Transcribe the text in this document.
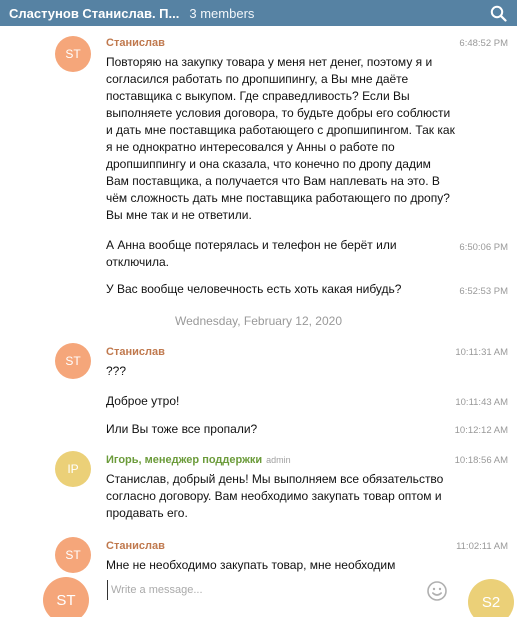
Сластунов Станислав. П... 3 members
ST
Станислав	6:48:52 PM
Повторяю на закупку товара у меня нет денег, поэтому я и согласился работать по дропшипингу, а Вы мне даёте поставщика с выкупом. Где справедливость? Если Вы выполняете условия договора, то будьте добры его соблюсти и дать мне поставщика работающего с дропшипингом. Так как я не однократно интересовался у Анны о работе по дропшиппингу и она сказала, что конечно по дропу дадим Вам поставщика, а получается что Вам наплевать на это. В чём сложность дать мне поставщика работающего по дропу? Вы мне так и не ответили.
6:50:06 PM
А Анна вообще потерялась и телефон не берёт или отключила.
6:52:53 PM
У Вас вообще человечность есть хоть какая нибудь?
Wednesday, February 12, 2020
ST
Станислав	10:11:31 AM
???
10:11:43 AM
Доброе утро!
10:12:12 AM
Или Вы тоже все пропали?
IP
Игорь, менеджер поддержки admin	10:18:56 AM
Станислав, добрый день! Мы выполняем все обязательство согласно договору. Вам необходимо закупать товар оптом и продавать его.
ST
Станислав	11:02:11 AM
Мне не необходимо закупать товар, мне необходим
ST
Write a message...	S2
